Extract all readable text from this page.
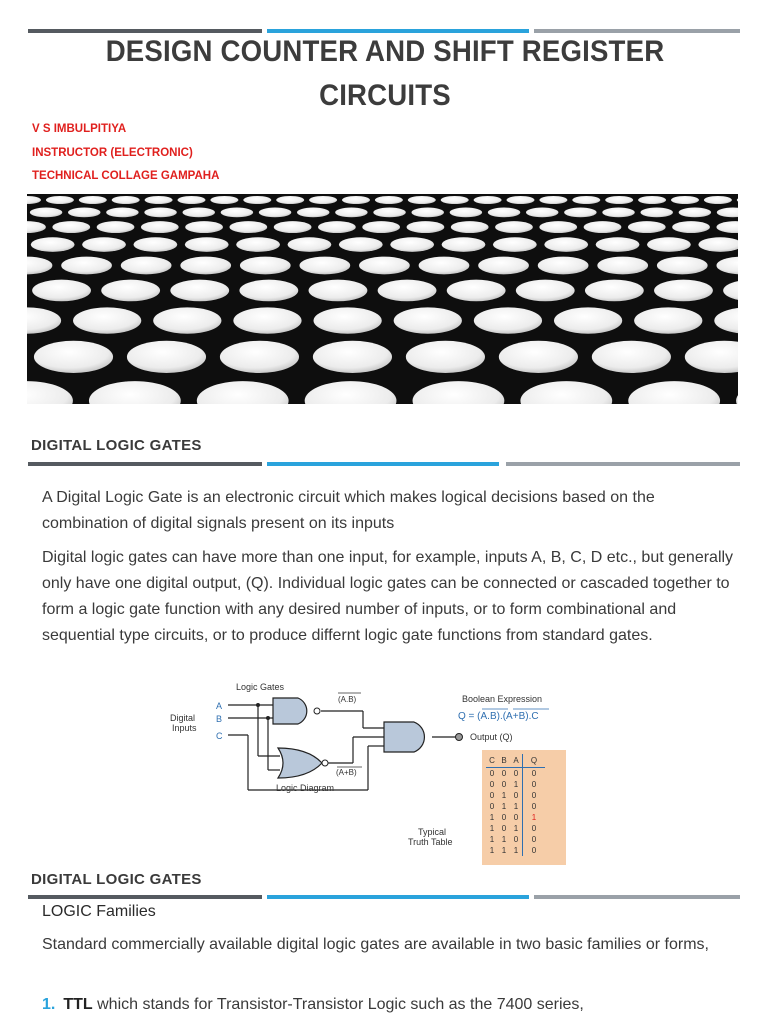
DESIGN COUNTER AND SHIFT REGISTER
CIRCUITS
V S IMBULPITIYA
INSTRUCTOR (ELECTRONIC)
TECHNICAL COLLAGE GAMPAHA
DIGITAL LOGIC GATES
A Digital Logic Gate is an electronic circuit which makes logical decisions based on the combination of digital signals present on its inputs
Digital logic gates can have more than one input, for example, inputs A, B, C, D etc., but generally only have one digital output, (Q). Individual logic gates can be connected or cascaded together to form a logic gate function with any desired number of inputs, or to form combinational and sequential type circuits, or to produce differnt logic gate functions from standard gates.
Logic Gates
Digital
Inputs
A
B
C
(A.B)
(A+B)
Boolean Expression
Q = (A.B).(A+B).C
Output (Q)
Logic Diagram
Typical
Truth Table
C	B	A	Q
0	0	0	0
0	0	1	0
0	1	0	0
0	1	1	0
1	0	0	1
1	0	1	0
1	1	0	0
1	1	1	0
DIGITAL LOGIC GATES
LOGIC Families
Standard commercially available digital logic gates are available in two basic families or forms,
1. TTL which stands for Transistor-Transistor Logic such as the 7400 series,
